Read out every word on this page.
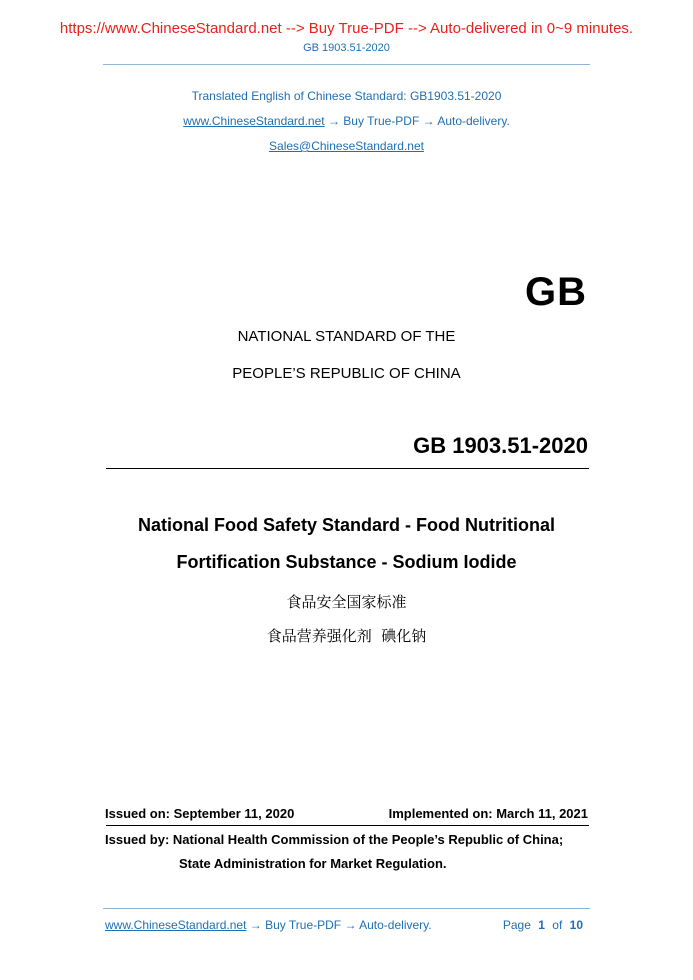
https://www.ChineseStandard.net --> Buy True-PDF --> Auto-delivered in 0~9 minutes.
GB 1903.51-2020
Translated English of Chinese Standard: GB1903.51-2020
www.ChineseStandard.net → Buy True-PDF → Auto-delivery.
Sales@ChineseStandard.net
GB
NATIONAL STANDARD OF THE
PEOPLE’S REPUBLIC OF CHINA
GB 1903.51-2020
National Food Safety Standard - Food Nutritional
Fortification Substance - Sodium Iodide
食品安全国家标准
食品营养强化剂  碘化钠
Issued on: September 11, 2020	Implemented on: March 11, 2021
Issued by: National Health Commission of the People’s Republic of China;
State Administration for Market Regulation.
www.ChineseStandard.net → Buy True-PDF → Auto-delivery.	Page 1 of 10
